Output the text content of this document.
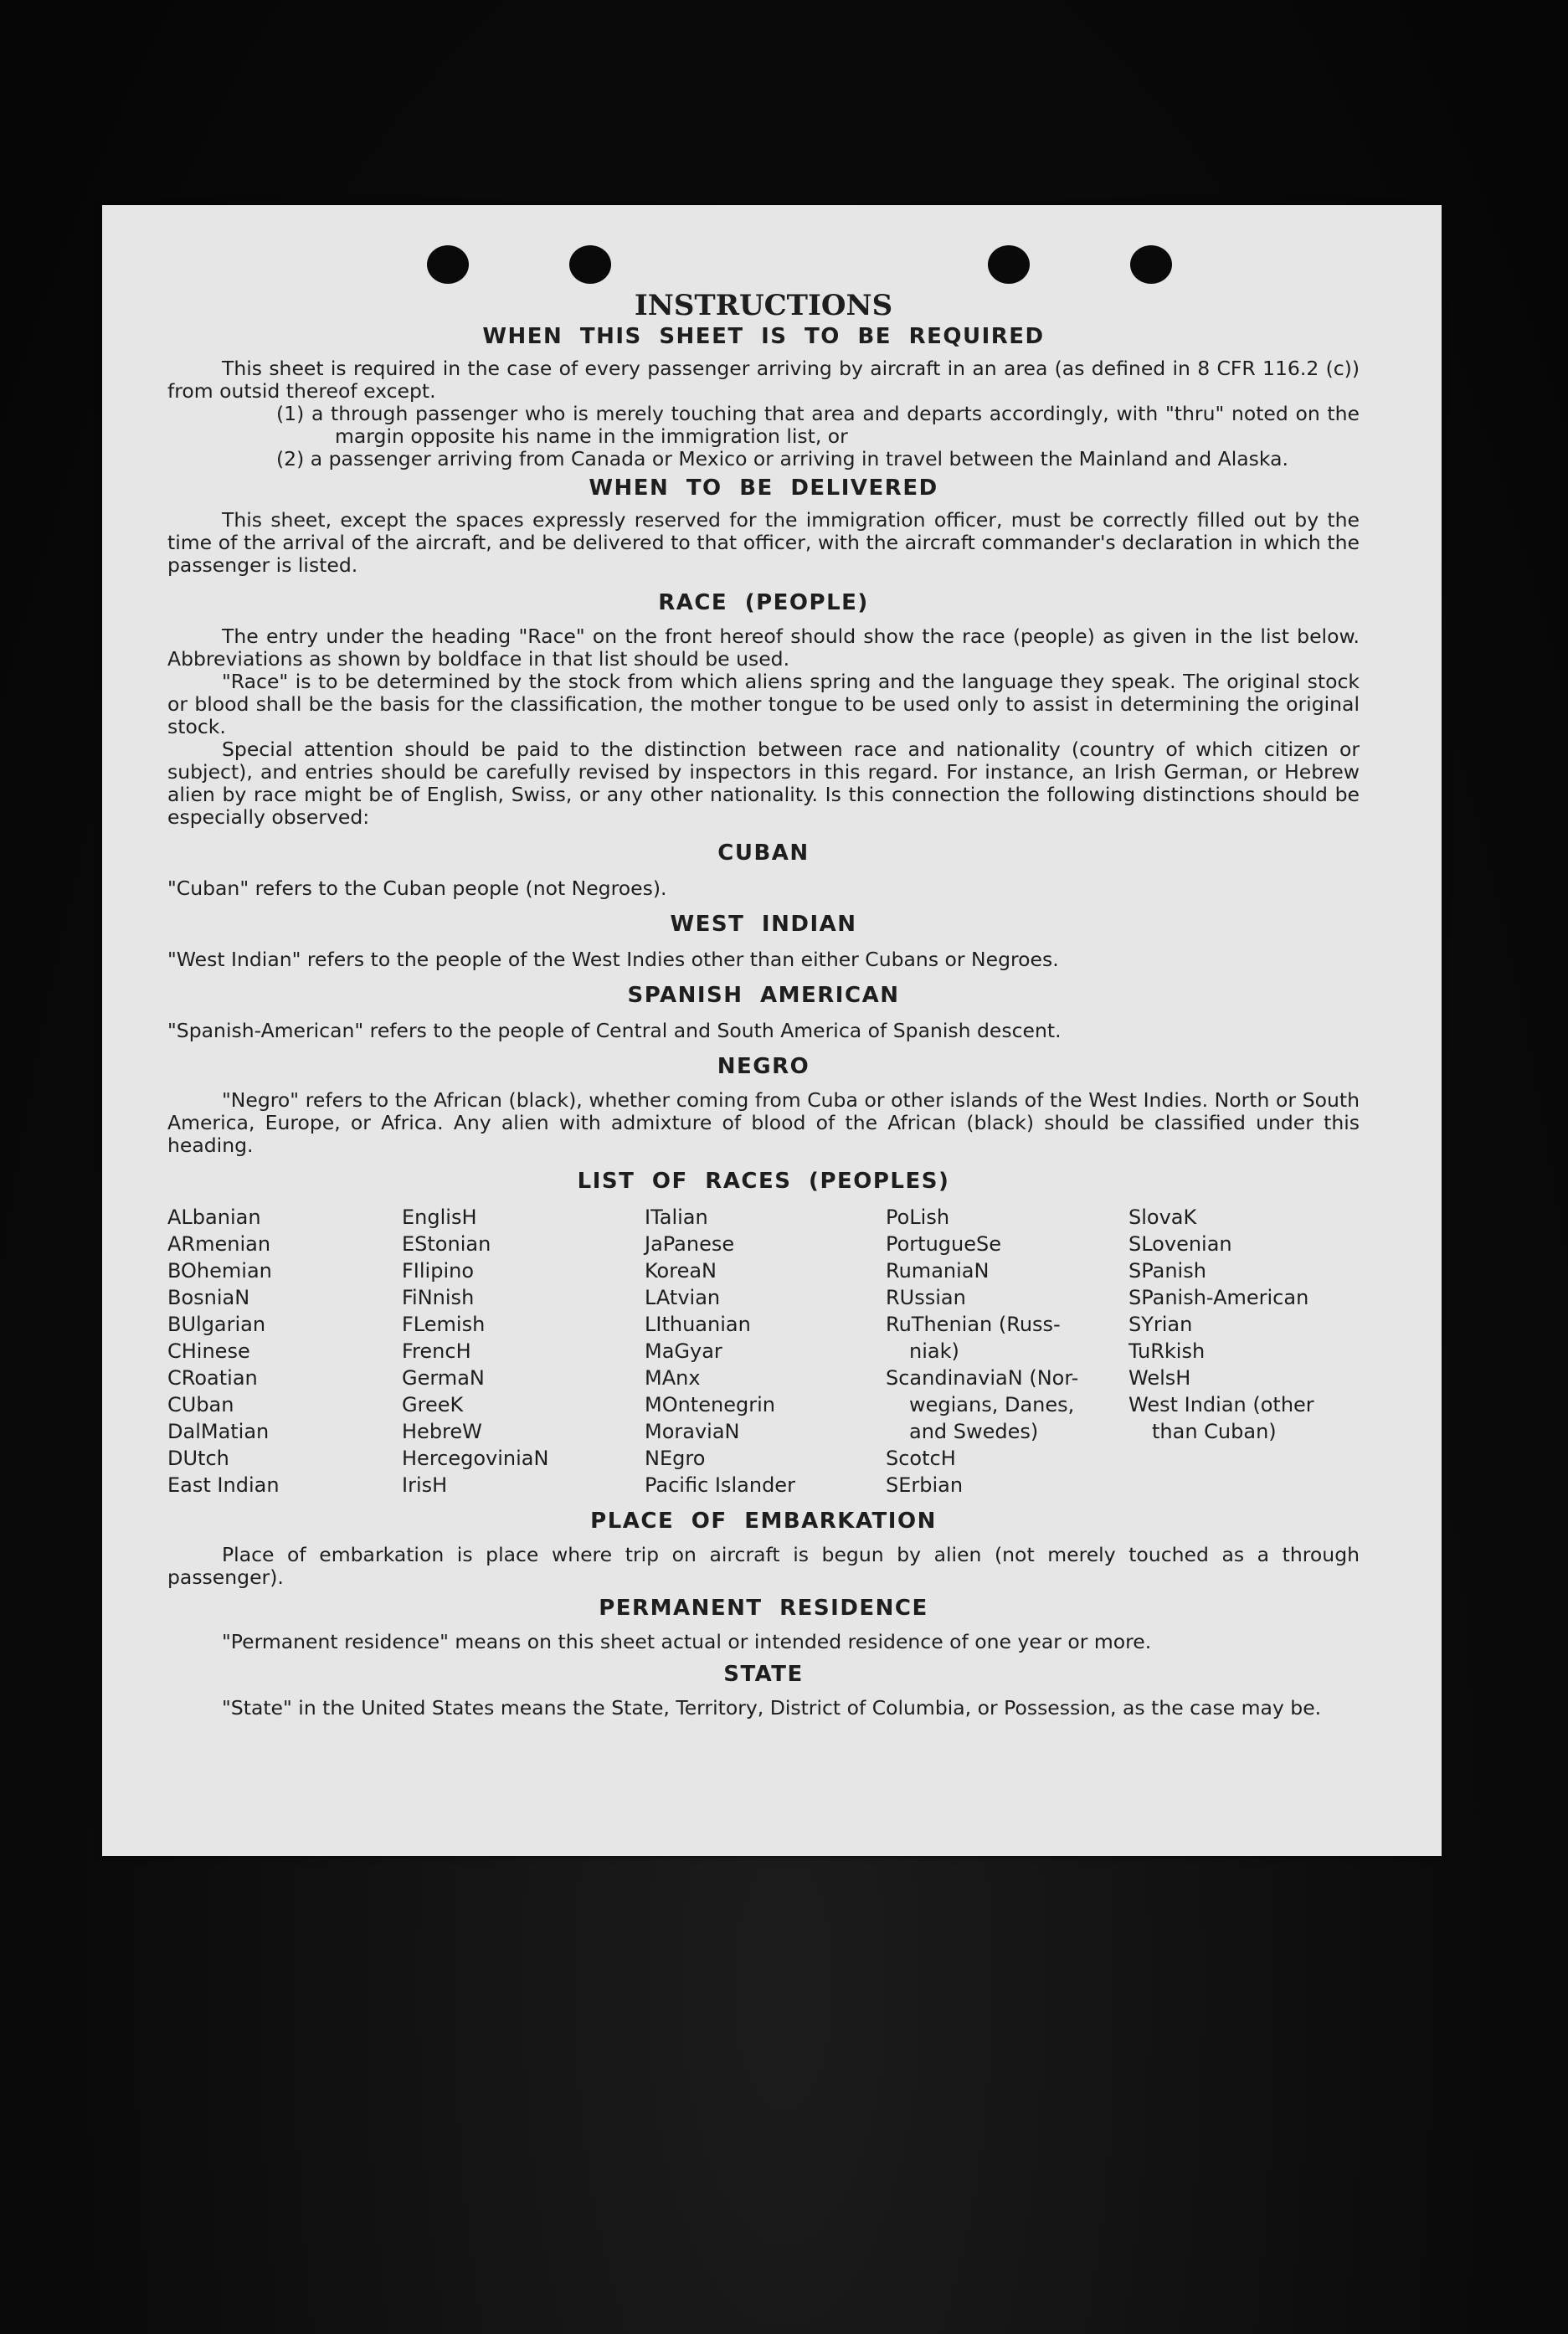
INSTRUCTIONS
WHEN THIS SHEET IS TO BE REQUIRED

This sheet is required in the case of every passenger arriving by aircraft in an area (as defined in 8 CFR 116.2 (c)) from outsid thereof except.

(1) a through passenger who is merely touching that area and departs accordingly, with "thru" noted on the margin opposite his name in the immigration list, or

(2) a passenger arriving from Canada or Mexico or arriving in travel between the Mainland and Alaska.

WHEN TO BE DELIVERED

This sheet, except the spaces expressly reserved for the immigration officer, must be correctly filled out by the time of the arrival of the aircraft, and be delivered to that officer, with the aircraft commander's declaration in which the passenger is listed.

RACE (PEOPLE)

The entry under the heading "Race" on the front hereof should show the race (people) as given in the list below. Abbreviations as shown by boldface in that list should be used.

"Race" is to be determined by the stock from which aliens spring and the language they speak. The original stock or blood shall be the basis for the classification, the mother tongue to be used only to assist in determining the original stock.

Special attention should be paid to the distinction between race and nationality (country of which citizen or subject), and entries should be carefully revised by inspectors in this regard. For instance, an Irish German, or Hebrew alien by race might be of English, Swiss, or any other nationality. Is this connection the following distinctions should be especially observed:

CUBAN

"Cuban" refers to the Cuban people (not Negroes).

WEST INDIAN

"West Indian" refers to the people of the West Indies other than either Cubans or Negroes.

SPANISH AMERICAN

"Spanish-American" refers to the people of Central and South America of Spanish descent.

NEGRO

"Negro" refers to the African (black), whether coming from Cuba or other islands of the West Indies. North or South America, Europe, or Africa. Any alien with admixture of blood of the African (black) should be classified under this heading.

LIST OF RACES (PEOPLES)
ALbanian
ARmenian
BOhemian
BosniaN
BUlgarian
CHinese
CRoatian
CUban
DalMatian
DUtch
East Indian
EnglisH
EStonian
FIlipino
FiNnish
FLemish
FrencH
GermaN
GreeK
HebreW
HercegoviniaN
IrisH
ITalian
JaPanese
KoreaN
LAtvian
LIthuanian
MaGyar
MAnx
MOntenegrin
MoraviaN
NEgro
Pacific Islander
PoLish
PortugueSe
RumaniaN
RUssian
RuThenian (Russ-
niak)
ScandinaviaN (Nor-
wegians, Danes,
and Swedes)
ScotcH
SErbian
SlovaK
SLovenian
SPanish
SPanish-American
SYrian
TuRkish
WelsH
West Indian (other
than Cuban)
PLACE OF EMBARKATION

Place of embarkation is place where trip on aircraft is begun by alien (not merely touched as a through passenger).

PERMANENT RESIDENCE

"Permanent residence" means on this sheet actual or intended residence of one year or more.

STATE

"State" in the United States means the State, Territory, District of Columbia, or Possession, as the case may be.
